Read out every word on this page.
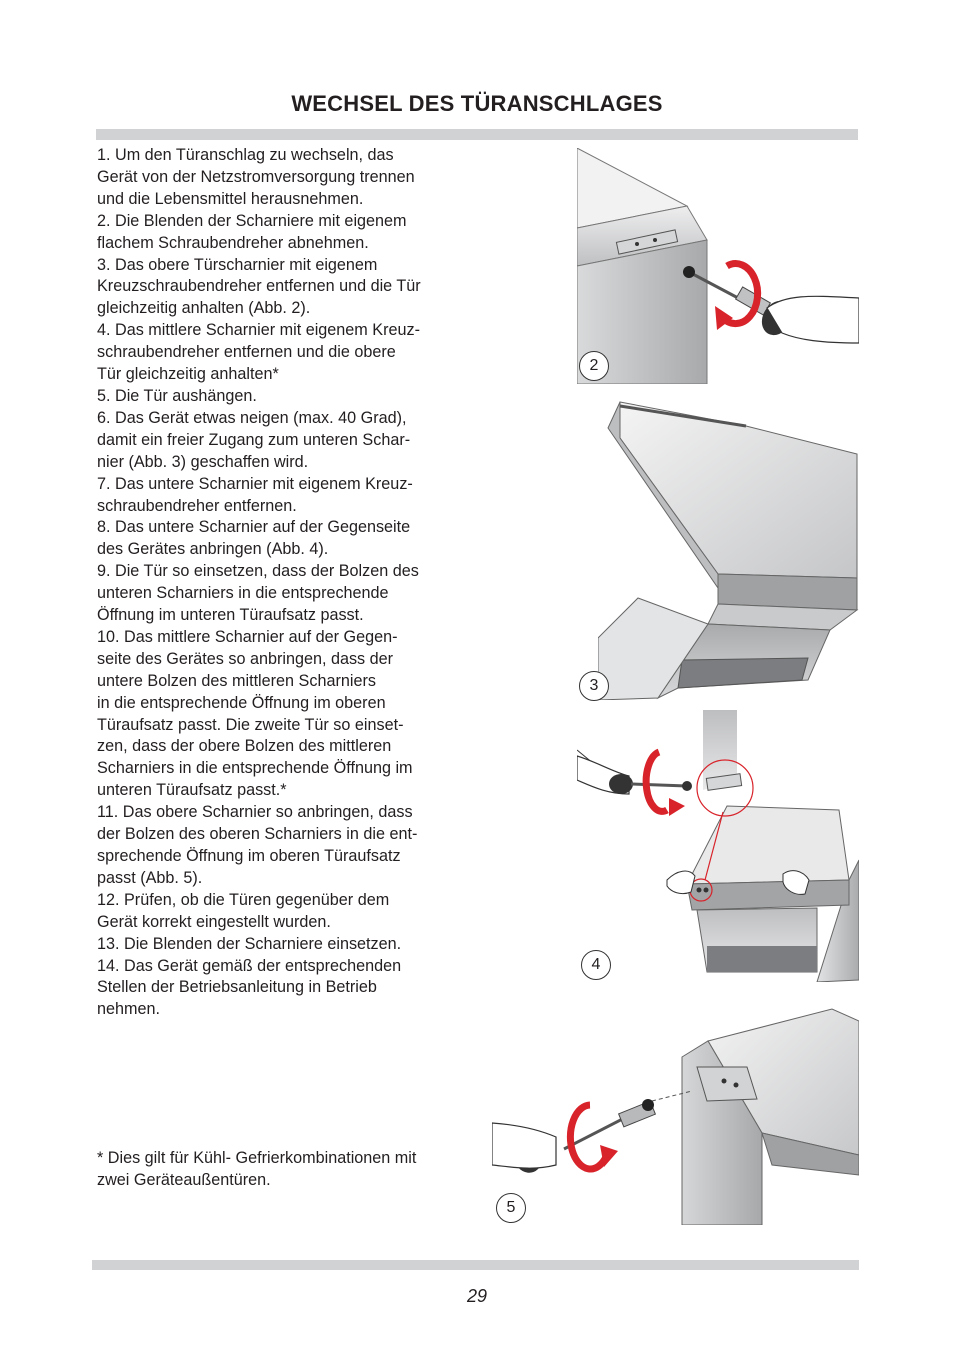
WECHSEL DES TÜRANSCHLAGES

1. Um den Türanschlag zu wechseln, das

Gerät von der Netzstromversorgung trennen

und die Lebensmittel herausnehmen.

2. Die Blenden der Scharniere mit eigenem

flachem Schraubendreher abnehmen.

3. Das obere Türscharnier mit eigenem

Kreuzschraubendreher entfernen und die Tür

gleichzeitig anhalten (Abb. 2).

4. Das mittlere Scharnier mit eigenem Kreuz-

schraubendreher entfernen und die obere

Tür gleichzeitig anhalten*

5. Die Tür aushängen.

6. Das Gerät etwas neigen (max. 40 Grad),

damit ein freier Zugang zum unteren Schar-

nier (Abb. 3) geschaffen wird.

7. Das untere Scharnier mit eigenem Kreuz-

schraubendreher entfernen.

8. Das untere Scharnier auf der Gegenseite

des Gerätes anbringen (Abb. 4).

9. Die Tür so einsetzen, dass der Bolzen des

unteren Scharniers in die entsprechende

Öffnung im unteren Türaufsatz passt.

10. Das mittlere Scharnier auf der Gegen-

seite des Gerätes so anbringen, dass der

untere Bolzen des mittleren Scharniers

in die entsprechende Öffnung im oberen

Türaufsatz passt. Die zweite Tür so einset-

zen, dass der obere Bolzen des mittleren

Scharniers in die entsprechende Öffnung im

unteren Türaufsatz passt.*

11. Das obere Scharnier so anbringen, dass

der Bolzen des oberen Scharniers in die ent-

sprechende Öffnung im oberen Türaufsatz

passt (Abb. 5).

12. Prüfen, ob die Türen gegenüber dem

Gerät korrekt eingestellt wurden.

13. Die Blenden der Scharniere einsetzen.

14. Das Gerät gemäß der entsprechenden

Stellen der Betriebsanleitung in Betrieb

nehmen.

* Dies gilt für Kühl- Gefrierkombinationen mit
zwei Geräteaußentüren.
2
3
4
5
29
